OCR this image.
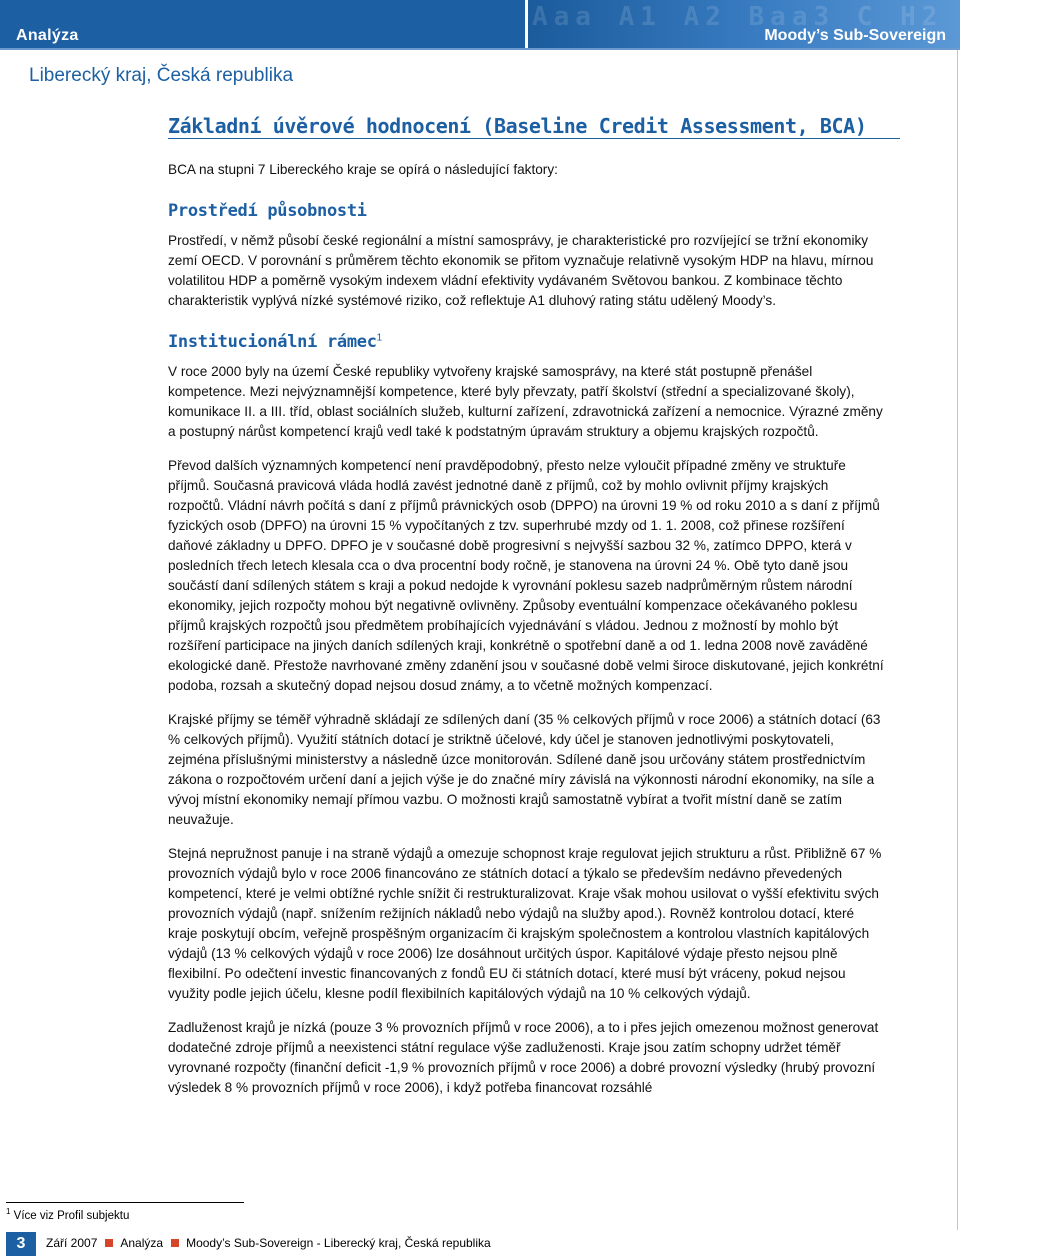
Analýza
Aaa A1 A2 Baa3 C H2 H1 B
Moody’s Sub-Sovereign
Liberecký kraj, Česká republika
Základní úvěrové hodnocení (Baseline Credit Assessment, BCA)

BCA na stupni 7 Libereckého kraje se opírá o následující faktory:

Prostředí působnosti

Prostředí, v němž působí české regionální a místní samosprávy, je charakteristické pro rozvíjející se tržní ekonomiky zemí OECD. V porovnání s průměrem těchto ekonomik se přitom vyznačuje relativně vysokým HDP na hlavu, mírnou volatilitou HDP a poměrně vysokým indexem vládní efektivity vydávaném Světovou bankou. Z kombinace těchto charakteristik vyplývá nízké systémové riziko, což reflektuje A1 dluhový rating státu udělený Moody’s.

Institucionální rámec$^1$

V roce 2000 byly na území České republiky vytvořeny krajské samosprávy, na které stát postupně přenášel kompetence. Mezi nejvýznamnější kompetence, které byly převzaty, patří školství (střední a specializované školy), komunikace II. a III. tříd, oblast sociálních služeb, kulturní zařízení, zdravotnická zařízení a nemocnice. Výrazné změny a postupný nárůst kompetencí krajů vedl také k podstatným úpravám struktury a objemu krajských rozpočtů.

Převod dalších významných kompetencí není pravděpodobný, přesto nelze vyloučit případné změny ve struktuře příjmů. Současná pravicová vláda hodlá zavést jednotné daně z příjmů, což by mohlo ovlivnit příjmy krajských rozpočtů. Vládní návrh počítá s daní z příjmů právnických osob (DPPO) na úrovni 19 % od roku 2010 a s daní z příjmů fyzických osob (DPFO) na úrovni 15 % vypočítaných z tzv. superhrubé mzdy od 1. 1. 2008, což přinese rozšíření daňové základny u DPFO. DPFO je v současné době progresivní s nejvyšší sazbou 32 %, zatímco DPPO, která v posledních třech letech klesala cca o dva procentní body ročně, je stanovena na úrovni 24 %. Obě tyto daně jsou součástí daní sdílených státem s kraji a pokud nedojde k vyrovnání poklesu sazeb nadprůměrným růstem národní ekonomiky, jejich rozpočty mohou být negativně ovlivněny. Způsoby eventuální kompenzace očekávaného poklesu příjmů krajských rozpočtů jsou předmětem probíhajících vyjednávání s vládou. Jednou z možností by mohlo být rozšíření participace na jiných daních sdílených kraji, konkrétně o spotřební daně a od 1. ledna 2008 nově zaváděné ekologické daně. Přestože navrhované změny zdanění jsou v současné době velmi široce diskutované, jejich konkrétní podoba, rozsah a skutečný dopad nejsou dosud známy, a to včetně možných kompenzací.

Krajské příjmy se téměř výhradně skládají ze sdílených daní (35 % celkových příjmů v roce 2006) a státních dotací (63 % celkových příjmů). Využití státních dotací je striktně účelové, kdy účel je stanoven jednotlivými poskytovateli, zejména příslušnými ministerstvy a následně úzce monitorován. Sdílené daně jsou určovány státem prostřednictvím zákona o rozpočtovém určení daní a jejich výše je do značné míry závislá na výkonnosti národní ekonomiky, na síle a vývoj místní ekonomiky nemají přímou vazbu. O možnosti krajů samostatně vybírat a tvořit místní daně se zatím neuvažuje.

Stejná nepružnost panuje i na straně výdajů a omezuje schopnost kraje regulovat jejich strukturu a růst. Přibližně 67 % provozních výdajů bylo v roce 2006 financováno ze státních dotací a týkalo se především nedávno převedených kompetencí, které je velmi obtížné rychle snížit či restrukturalizovat. Kraje však mohou usilovat o vyšší efektivitu svých provozních výdajů (např. snížením režijních nákladů nebo výdajů na služby apod.). Rovněž kontrolou dotací, které kraje poskytují obcím, veřejně prospěšným organizacím či krajským společnostem a kontrolou vlastních kapitálových výdajů (13 % celkových výdajů v roce 2006) lze dosáhnout určitých úspor. Kapitálové výdaje přesto nejsou plně flexibilní. Po odečtení investic financovaných z fondů EU či státních dotací, které musí být vráceny, pokud nejsou využity podle jejich účelu, klesne podíl flexibilních kapitálových výdajů na 10 % celkových výdajů.

Zadluženost krajů je nízká (pouze 3 % provozních příjmů v roce 2006), a to i přes jejich omezenou možnost generovat dodatečné zdroje příjmů a neexistenci státní regulace výše zadluženosti. Kraje jsou zatím schopny udržet téměř vyrovnané rozpočty (finanční deficit -1,9 % provozních příjmů v roce 2006) a dobré provozní výsledky (hrubý provozní výsledek 8 % provozních příjmů v roce 2006), i když potřeba financovat rozsáhlé

$^1$ Více viz Profil subjektu
3	Září 2007 Analýza Moody’s Sub-Sovereign - Liberecký kraj, Česká republika
